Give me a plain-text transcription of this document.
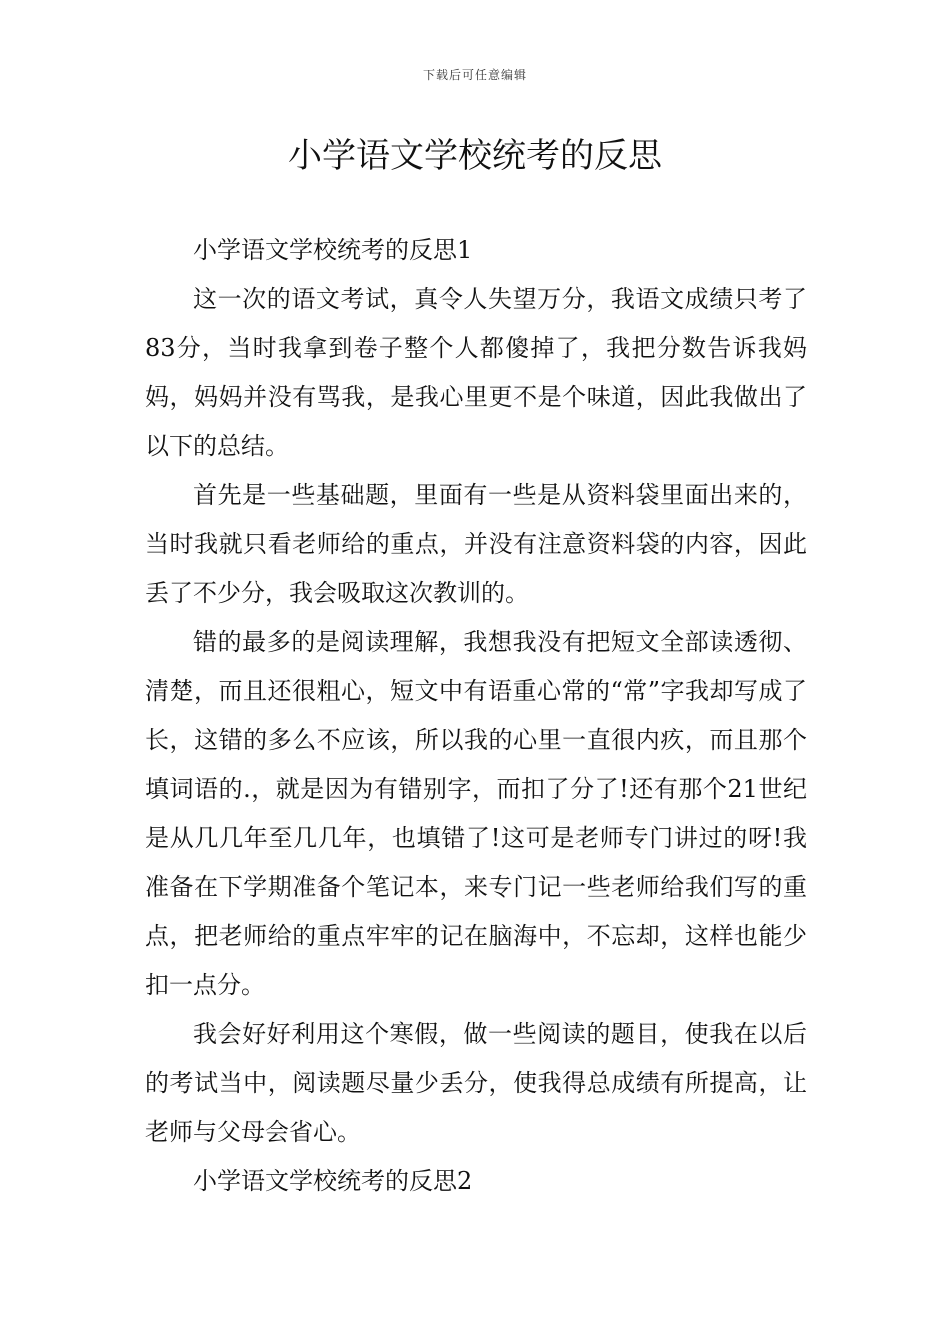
下载后可任意编辑
小学语文学校统考的反思

小学语文学校统考的反思1

这一次的语文考试，真令人失望万分，我语文成绩只考了83分，当时我拿到卷子整个人都傻掉了，我把分数告诉我妈妈，妈妈并没有骂我，是我心里更不是个味道，因此我做出了以下的总结。

首先是一些基础题，里面有一些是从资料袋里面出来的，当时我就只看老师给的重点，并没有注意资料袋的内容，因此丢了不少分，我会吸取这次教训的。

错的最多的是阅读理解，我想我没有把短文全部读透彻、清楚，而且还很粗心，短文中有语重心常的“常”字我却写成了长，这错的多么不应该，所以我的心里一直很内疚，而且那个填词语的.，就是因为有错别字，而扣了分了!还有那个21世纪是从几几年至几几年，也填错了!这可是老师专门讲过的呀!我准备在下学期准备个笔记本，来专门记一些老师给我们写的重点，把老师给的重点牢牢的记在脑海中，不忘却，这样也能少扣一点分。

我会好好利用这个寒假，做一些阅读的题目，使我在以后的考试当中，阅读题尽量少丢分，使我得总成绩有所提高，让老师与父母会省心。

小学语文学校统考的反思2
